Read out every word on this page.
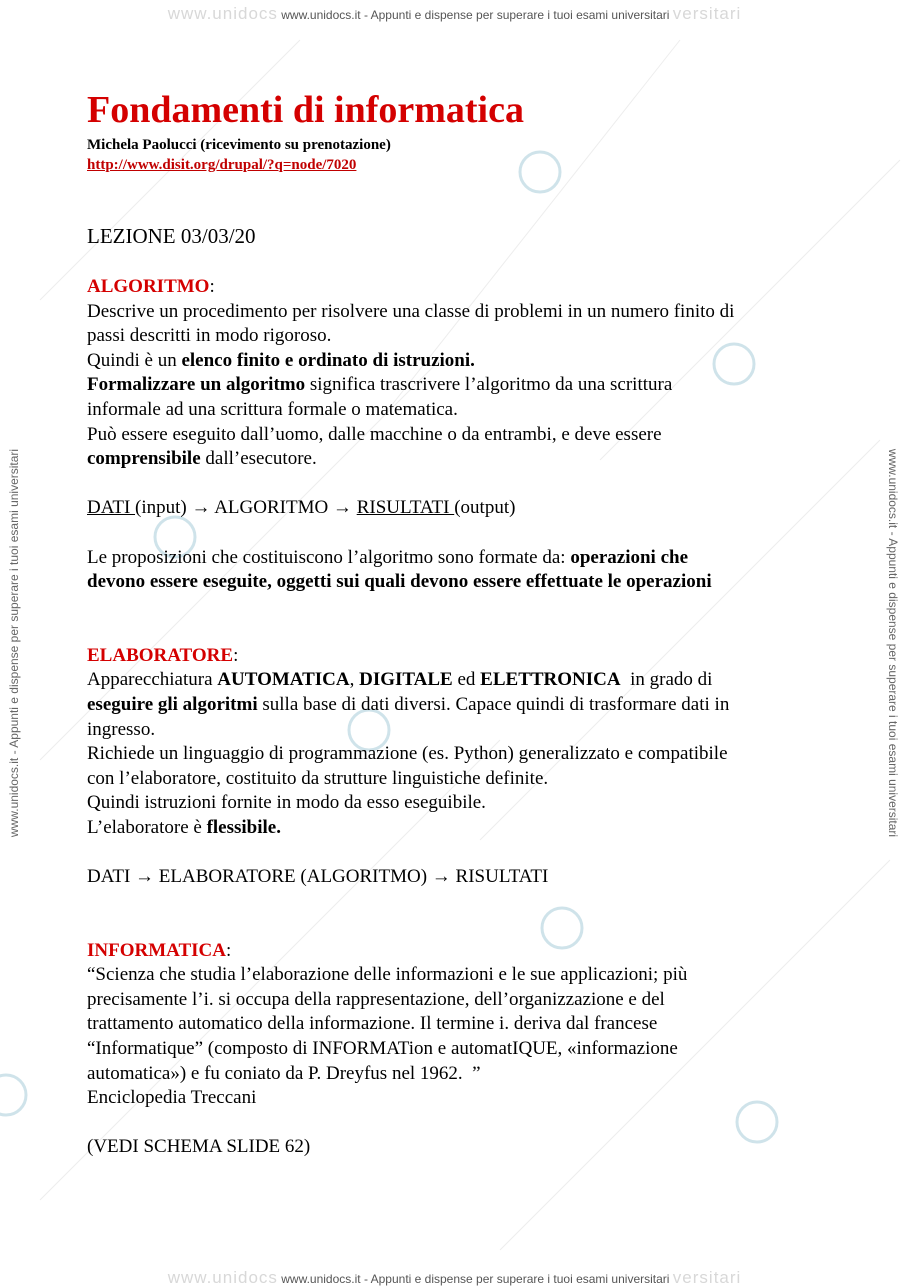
www.unidocs www.unidocs.it - Appunti e dispense per superare i tuoi esami universitari versitari
www.unidocs www.unidocs.it - Appunti e dispense per superare i tuoi esami universitari versitari
www.unidocs.it - Appunti e dispense per superare i tuoi esami universitari	www.unidocs.it - Appunti e dispense per superare i tuoi esami universitari
Fondamenti di informatica
Michela Paolucci (ricevimento su prenotazione)
http://www.disit.org/drupal/?q=node/7020
LEZIONE 03/03/20
ALGORITMO:
Descrive un procedimento per risolvere una classe di problemi in un numero finito di
passi descritti in modo rigoroso.
Quindi è un elenco finito e ordinato di istruzioni.
Formalizzare un algoritmo significa trascrivere l’algoritmo da una scrittura
informale ad una scrittura formale o matematica.
Può essere eseguito dall’uomo, dalle macchine o da entrambi, e deve essere
comprensibile dall’esecutore.
DATI (input) → ALGORITMO → RISULTATI (output)
Le proposizioni che costituiscono l’algoritmo sono formate da: operazioni che
devono essere eseguite, oggetti sui quali devono essere effettuate le operazioni
ELABORATORE:
Apparecchiatura AUTOMATICA, DIGITALE ed ELETTRONICA  in grado di
eseguire gli algoritmi sulla base di dati diversi. Capace quindi di trasformare dati in
ingresso.
Richiede un linguaggio di programmazione (es. Python) generalizzato e compatibile
con l’elaboratore, costituito da strutture linguistiche definite.
Quindi istruzioni fornite in modo da esso eseguibile.
L’elaboratore è flessibile.
DATI → ELABORATORE (ALGORITMO) → RISULTATI
INFORMATICA:
“Scienza che studia l’elaborazione delle informazioni e le sue applicazioni; più
precisamente l’i. si occupa della rappresentazione, dell’organizzazione e del
trattamento automatico della informazione. Il termine i. deriva dal francese
“Informatique” (composto di INFORMATion e automatIQUE, «informazione
automatica») e fu coniato da P. Dreyfus nel 1962.  ”
Enciclopedia Treccani
(VEDI SCHEMA SLIDE 62)
